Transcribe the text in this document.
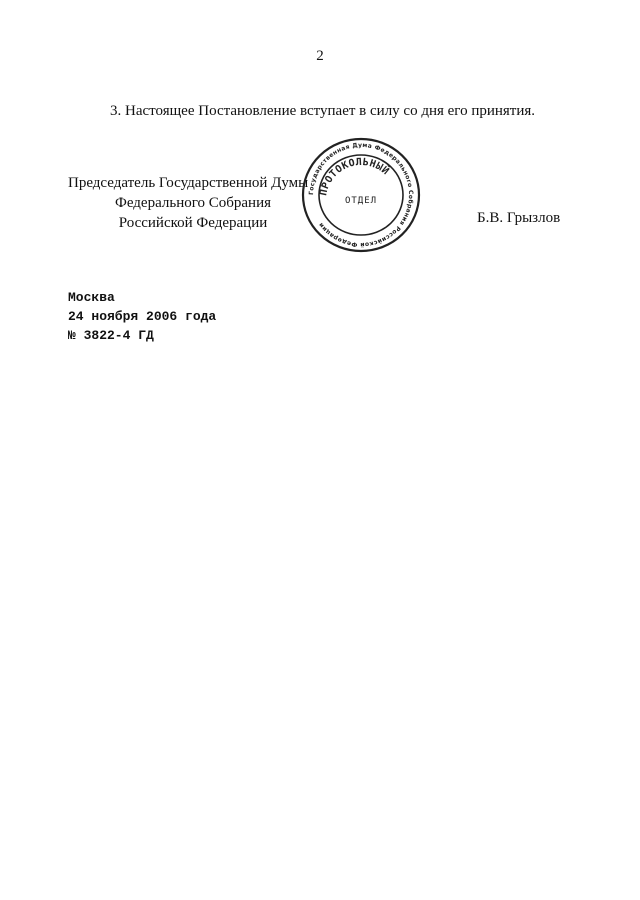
2
3. Настоящее Постановление вступает в силу со дня его принятия.
Председатель Государственной Думы
Федерального Собрания
Российской Федерации
Государственная Дума Федерального Собрания Российской Федерации
ПРОТОКОЛЬНЫЙ
ОТДЕЛ
Б.В. Грызлов
Москва
24 ноября 2006 года
№ 3822-4 ГД
